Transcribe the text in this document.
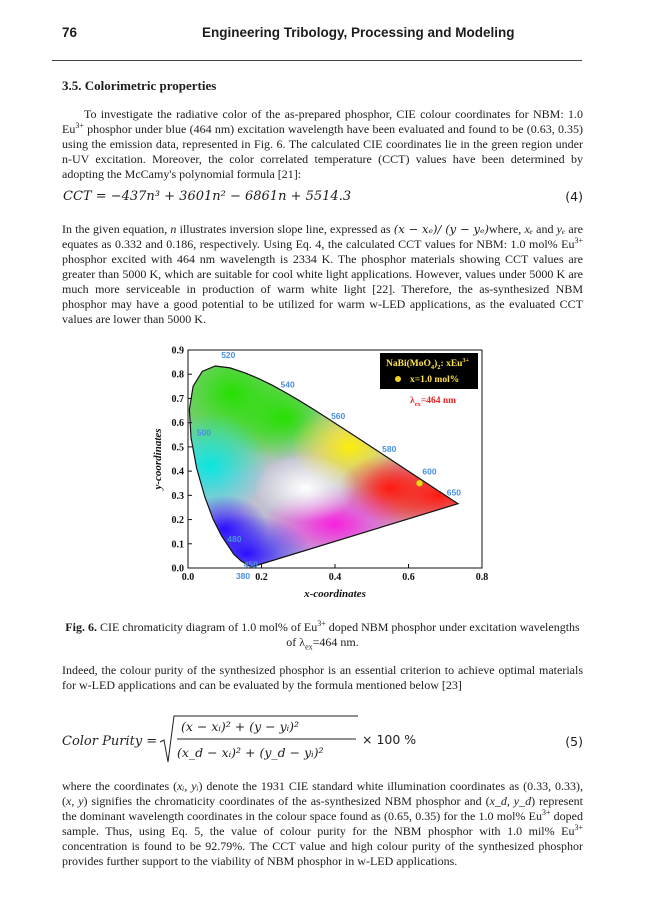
76	Engineering Tribology, Processing and Modeling
3.5. Colorimetric properties
To investigate the radiative color of the as-prepared phosphor, CIE colour coordinates for NBM: 1.0 $Eu^{3+}$ phosphor under blue (464 nm) excitation wavelength have been evaluated and found to be (0.63, 0.35) using the emission data, represented in Fig. 6. The calculated CIE coordinates lie in the green region under n-UV excitation. Moreover, the color correlated temperature (CCT) values have been determined by adopting the McCamy's polynomial formula [21]:
CCT = −437n³ + 3601n² − 6861n + 5514.3	(4)
In the given equation, n illustrates inversion slope line, expressed as (x − xₑ)/ (y − yₑ)where, xₑ and yₑ are equates as 0.332 and 0.186, respectively. Using Eq. 4, the calculated CCT values for NBM: 1.0 mol% $Eu^{3+}$ phosphor excited with 464 nm wavelength is 2334 K. The phosphor materials showing CCT values are greater than 5000 K, which are suitable for cool white light applications. However, values under 5000 K are much more serviceable in production of warm white light [22]. Therefore, the as-synthesized NBM phosphor may have a good potential to be utilized for warm w-LED applications, as the evaluated CCT values are lower than 5000 K.
0.0	0.2	0.4	0.6	0.8
0.0
0.1
0.2
0.3
0.4
0.5
0.6
0.7
0.8
0.9
x-coordinates
y-coordinates
520
540
560
580
600
650
500
480
450
380
NaBi(MoO4)2: xEu3+
x=1.0 mol%
λex=464 nm
Fig. 6. CIE chromaticity diagram of 1.0 mol% of $Eu^{3+}$ doped NBM phosphor under excitation wavelengths of $\lambda_{ex}=464$ nm.
Indeed, the colour purity of the synthesized phosphor is an essential criterion to achieve optimal materials for w-LED applications and can be evaluated by the formula mentioned below [23]
Color Purity =
(x − xᵢ)² + (y − yᵢ)²
(x_d − xᵢ)² + (y_d − yᵢ)²
× 100 %	(5)
where the coordinates (xᵢ, yᵢ) denote the 1931 CIE standard white illumination coordinates as (0.33, 0.33), (x, y) signifies the chromaticity coordinates of the as-synthesized NBM phosphor and (x_d, y_d) represent the dominant wavelength coordinates in the colour space found as (0.65, 0.35) for the 1.0 mol% $Eu^{3+}$ doped sample. Thus, using Eq. 5, the value of colour purity for the NBM phosphor with 1.0 mil% $Eu^{3+}$ concentration is found to be 92.79%. The CCT value and high colour purity of the synthesized phosphor provides further support to the viability of NBM phosphor in w-LED applications.
